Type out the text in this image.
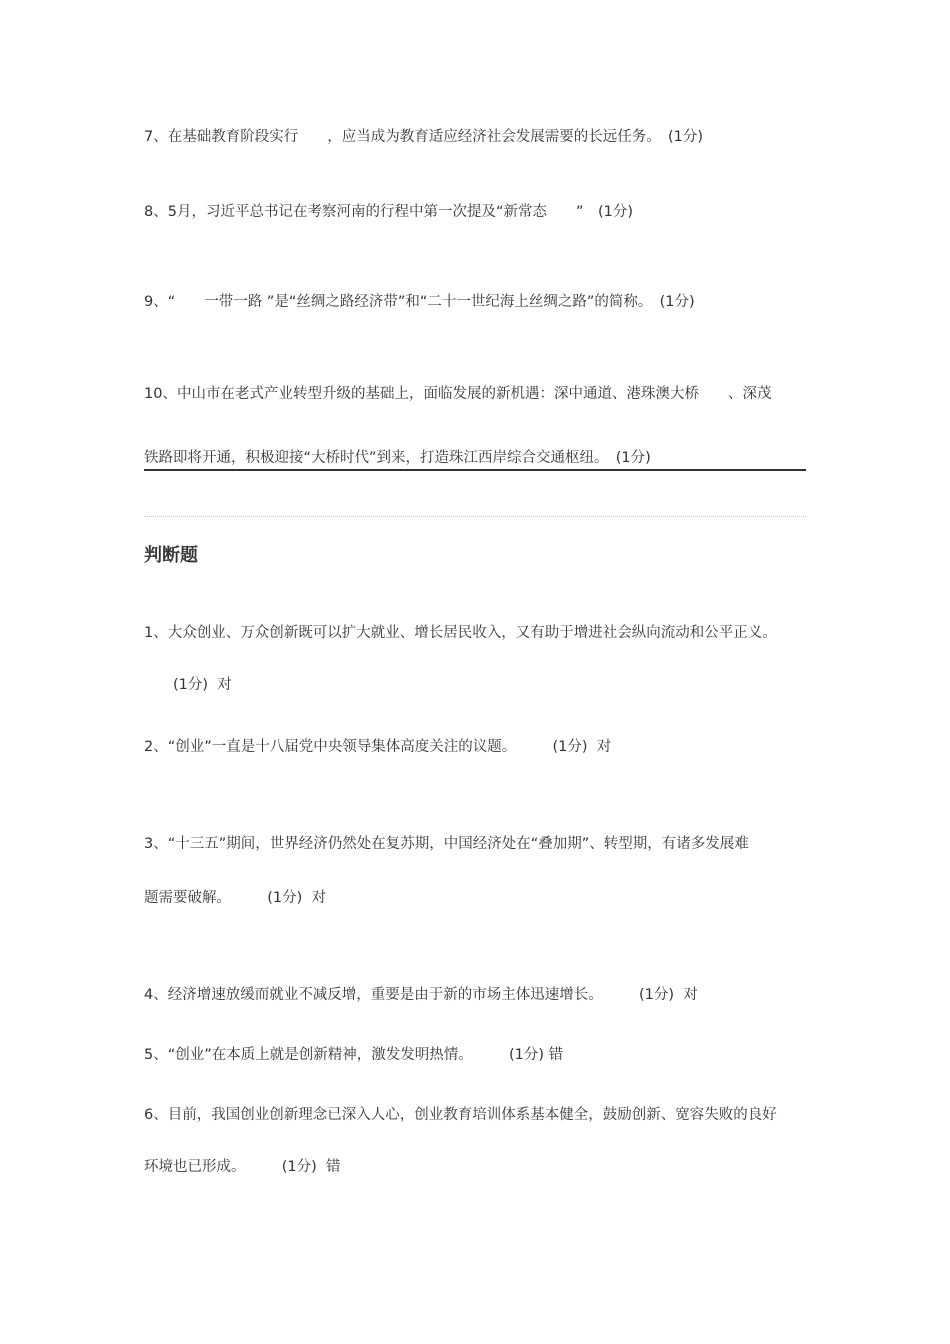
7、在基础教育阶段实行　　，应当成为教育适应经济社会发展需要的长远任务。　(1分)
8、5月，习近平总书记在考察河南的行程中第一次提及“新常态　　”　(1分)
9、“　　一带一路 ”是“丝绸之路经济带”和“二十一世纪海上丝绸之路”的简称。　(1分)
10、中山市在老式产业转型升级的基础上，面临发展的新机遇：深中通道、港珠澳大桥　　、深茂
铁路即将开通，积极迎接“大桥时代”到来，打造珠江西岸综合交通枢纽。　(1分)
判断题
1、大众创业、万众创新既可以扩大就业、增长居民收入，又有助于增进社会纵向流动和公平正义。
　　(1分)  对
2、“创业”一直是十八届党中央领导集体高度关注的议题。　　　(1分)  对
3、“十三五”期间，世界经济仍然处在复苏期，中国经济处在“叠加期”、转型期，有诸多发展难
题需要破解。　　　(1分)  对
4、经济增速放缓而就业不减反增，重要是由于新的市场主体迅速增长。　　　(1分)  对
5、“创业”在本质上就是创新精神，激发发明热情。　　　(1分) 错
6、目前，我国创业创新理念已深入人心，创业教育培训体系基本健全，鼓励创新、宽容失败的良好
环境也已形成。　　　(1分)  错
